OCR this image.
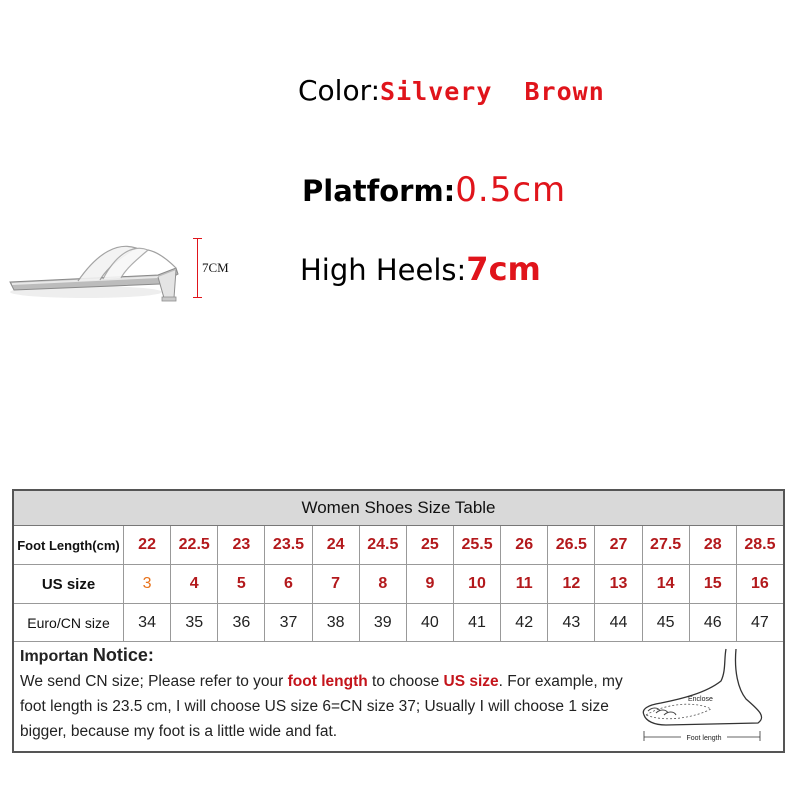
Color:Silvery  Brown
Platform:0.5cm
High Heels:7cm
7CM
Women Shoes Size Table
Foot Length(cm)	22	22.5	23	23.5	24	24.5	25	25.5	26	26.5	27	27.5	28	28.5
US size	3	4	5	6	7	8	9	10	11	12	13	14	15	16
Euro/CN size	34	35	36	37	38	39	40	41	42	43	44	45	46	47
Importan Notice:
We send CN size; Please refer to your foot length to choose US size. For example, my foot length is 23.5 cm, I will choose US size 6=CN size 37; Usually I will choose 1 size bigger, because my foot is a little wide and fat.	Foot length
Enclose
